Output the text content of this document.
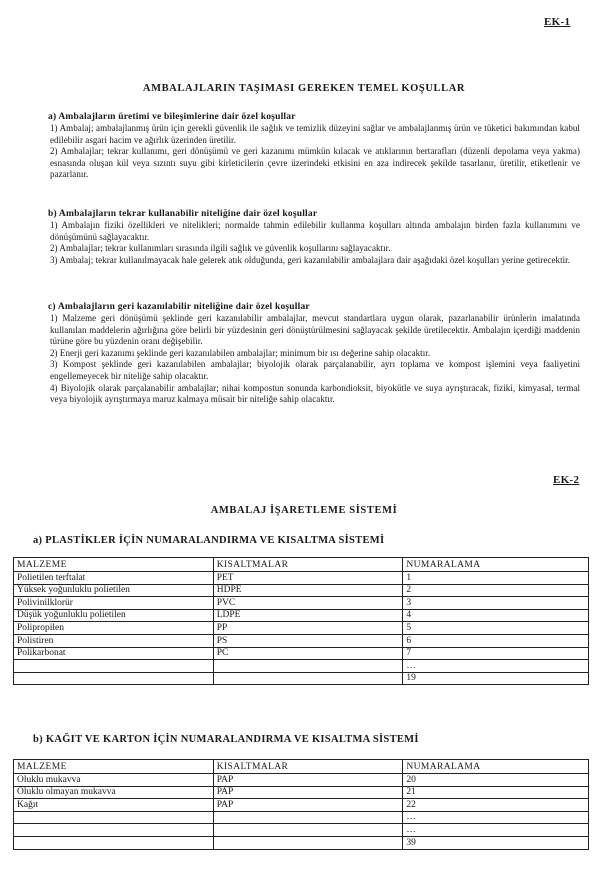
EK-1
AMBALAJLARIN TAŞIMASI GEREKEN TEMEL KOŞULLAR
a) Ambalajların üretimi ve bileşimlerine dair özel koşullar
1) Ambalaj; ambalajlanmış ürün için gerekli güvenlik ile sağlık ve temizlik düzeyini sağlar ve ambalajlanmış ürün ve tüketici bakımından kabul edilebilir asgari hacim ve ağırlık üzerinden üretilir.
2) Ambalajlar; tekrar kullanımı, geri dönüşümü ve geri kazanımı mümkün kılacak ve atıklarının bertarafları (düzenli depolama veya yakma) esnasında oluşan kül veya sızıntı suyu gibi kirleticilerin çevre üzerindeki etkisini en aza indirecek şekilde tasarlanır, üretilir, etiketlenir ve pazarlanır.
b) Ambalajların tekrar kullanabilir niteliğine dair özel koşullar
1) Ambalajın fiziki özellikleri ve nitelikleri; normalde tahmin edilebilir kullanma koşulları altında ambalajın birden fazla kullanımını ve dönüşümünü sağlayacaktır.
2) Ambalajlar; tekrar kullanımları sırasında ilgili sağlık ve güvenlik koşullarını sağlayacaktır.
3) Ambalaj; tekrar kullanılmayacak hale gelerek atık olduğunda, geri kazanılabilir ambalajlara dair aşağıdaki özel koşulları yerine getirecektir.
c) Ambalajların geri kazanılabilir niteliğine dair özel koşullar
1) Malzeme geri dönüşümü şeklinde geri kazanılabilir ambalajlar, mevcut standartlara uygun olarak, pazarlanabilir ürünlerin imalatında kullanılan maddelerin ağırlığına göre belirli bir yüzdesinin geri dönüştürülmesini sağlayacak şekilde üretilecektir. Ambalajın içerdiği maddenin türüne göre bu yüzdenin oranı değişebilir.
2) Enerji geri kazanımı şeklinde geri kazanılabilen ambalajlar; minimum bir ısı değerine sahip olacaktır.
3) Kompost şeklinde geri kazanılabilen ambalajlar; biyolojik olarak parçalanabilir, ayrı toplama ve kompost işlemini veya faaliyetini engellemeyecek bir niteliğe sahip olacaktır.
4) Biyolojik olarak parçalanabilir ambalajlar; nihai kompostun sonunda karbondioksit, biyokütle ve suya ayrıştıracak, fiziki, kimyasal, termal veya biyolojik ayrıştırmaya maruz kalmaya müsait bir niteliğe sahip olacaktır.
EK-2
AMBALAJ İŞARETLEME SİSTEMİ
a) PLASTİKLER İÇİN NUMARALANDIRMA VE KISALTMA SİSTEMİ
MALZEME	KISALTMALAR	NUMARALAMA
Polietilen terftalat	PET	1
Yüksek yoğunluklu polietilen	HDPE	2
Polivinilklorür	PVC	3
Düşük yoğunluklu polietilen	LDPE	4
Polipropilen	PP	5
Polistiren	PS	6
Polikarbonat	PC	7
		…
		19
b) KAĞIT VE KARTON İÇİN NUMARALANDIRMA VE KISALTMA SİSTEMİ
MALZEME	KISALTMALAR	NUMARALAMA
Oluklu mukavva	PAP	20
Oluklu olmayan mukavva	PAP	21
Kağıt	PAP	22
		…
		…
		39
